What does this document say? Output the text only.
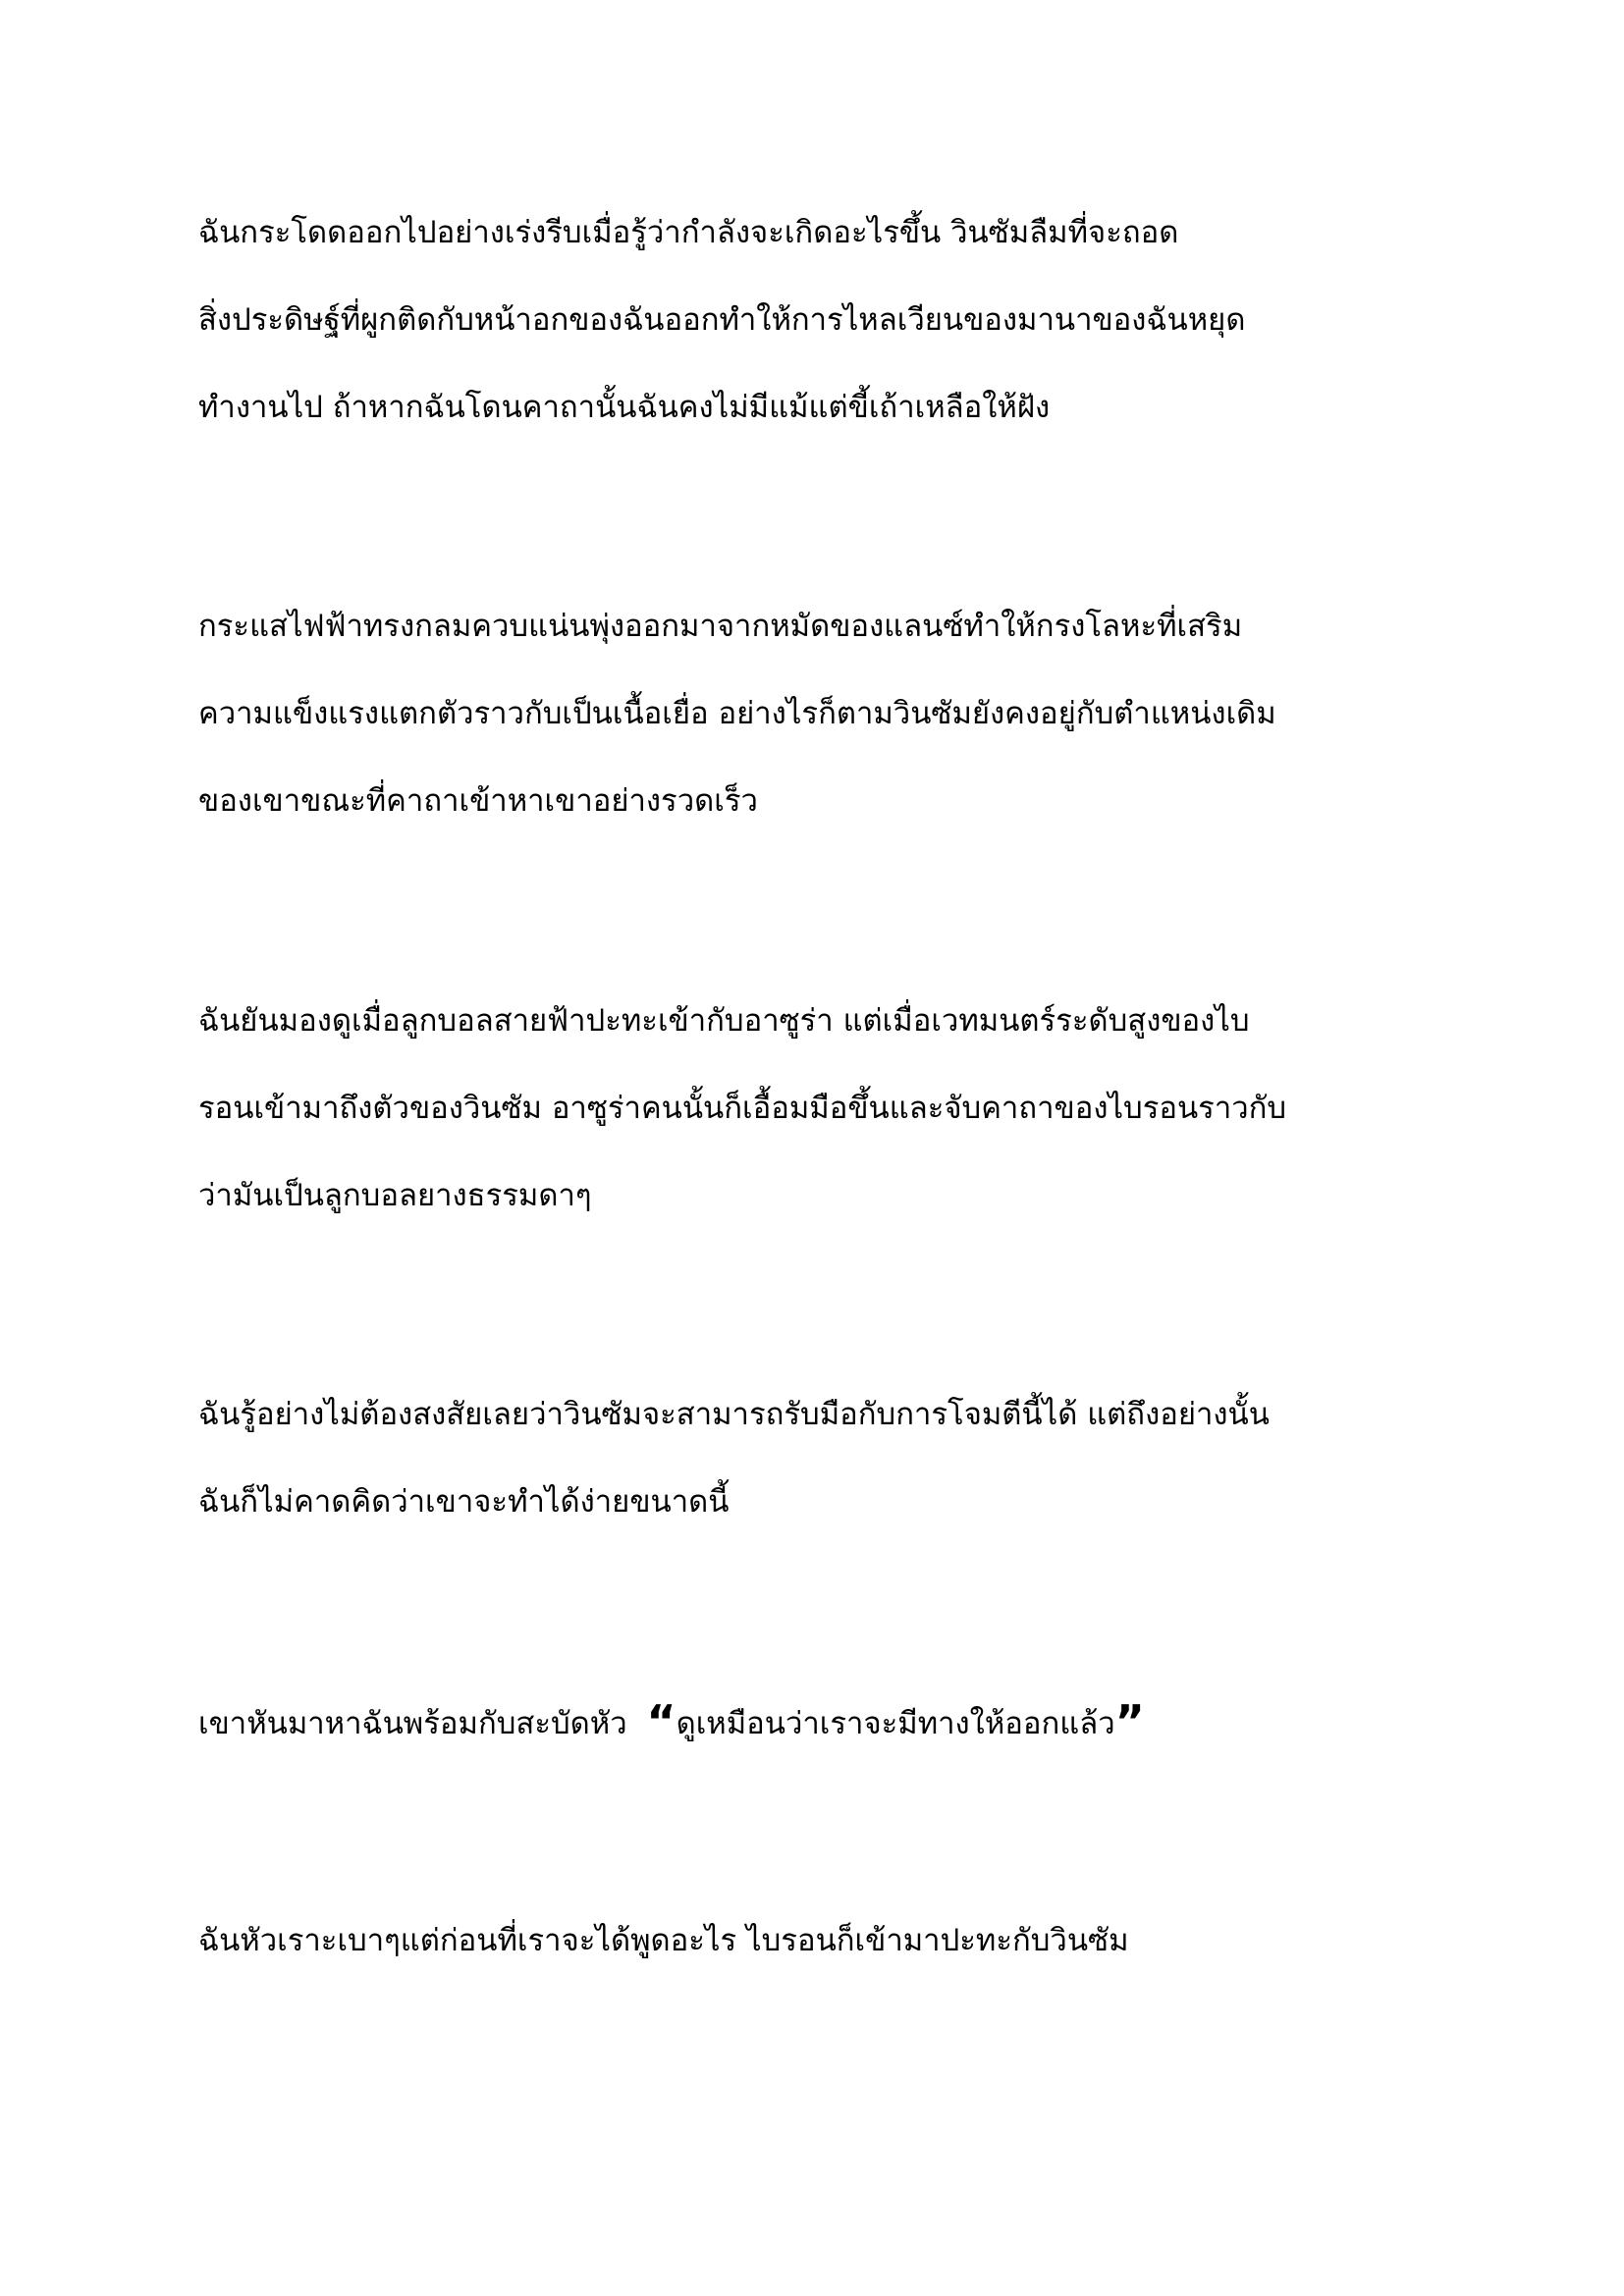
ฉันกระโดดออกไปอย่างเร่งรีบเมื่อรู้ว่ากำลังจะเกิดอะไรขึ้น วินซัมลืมที่จะถอด

สิ่งประดิษฐ์ที่ผูกติดกับหน้าอกของฉันออกทำให้การไหลเวียนของมานาของฉันหยุด

ทำงานไป ถ้าหากฉันโดนคาถานั้นฉันคงไม่มีแม้แต่ขี้เถ้าเหลือให้ฝัง

กระแสไฟฟ้าทรงกลมควบแน่นพุ่งออกมาจากหมัดของแลนซ์ทำให้กรงโลหะที่เสริม

ความแข็งแรงแตกตัวราวกับเป็นเนื้อเยื่อ อย่างไรก็ตามวินซัมยังคงอยู่กับตำแหน่งเดิม

ของเขาขณะที่คาถาเข้าหาเขาอย่างรวดเร็ว

ฉันยันมองดูเมื่อลูกบอลสายฟ้าปะทะเข้ากับอาซูร่า แต่เมื่อเวทมนตร์ระดับสูงของไบ

รอนเข้ามาถึงตัวของวินซัม อาซูร่าคนนั้นก็เอื้อมมือขึ้นและจับคาถาของไบรอนราวกับ

ว่ามันเป็นลูกบอลยางธรรมดาๆ

ฉันรู้อย่างไม่ต้องสงสัยเลยว่าวินซัมจะสามารถรับมือกับการโจมตีนี้ได้ แต่ถึงอย่างนั้น

ฉันก็ไม่คาดคิดว่าเขาจะทำได้ง่ายขนาดนี้

เขาหันมาหาฉันพร้อมกับสะบัดหัว “ดูเหมือนว่าเราจะมีทางให้ออกแล้ว”

ฉันหัวเราะเบาๆแต่ก่อนที่เราจะได้พูดอะไร ไบรอนก็เข้ามาปะทะกับวินซัม
